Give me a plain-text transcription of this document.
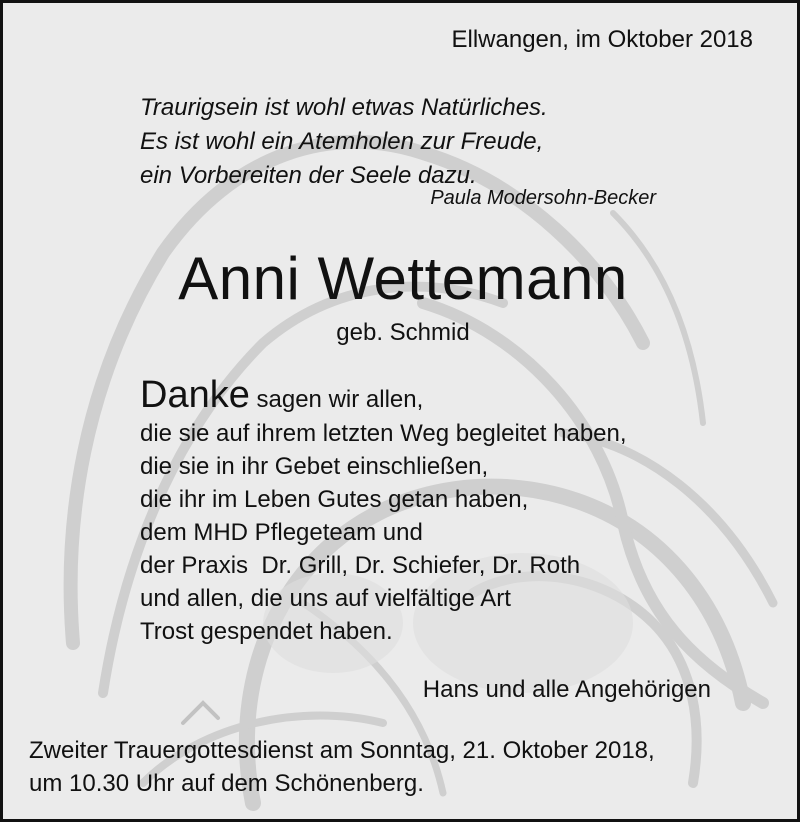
Ellwangen, im Oktober 2018
Traurigsein ist wohl etwas Natürliches.
Es ist wohl ein Atemholen zur Freude,
ein Vorbereiten der Seele dazu.
Paula Modersohn-Becker
Anni Wettemann
geb. Schmid
Danke sagen wir allen,
die sie auf ihrem letzten Weg begleitet haben,
die sie in ihr Gebet einschließen,
die ihr im Leben Gutes getan haben,
dem MHD Pflegeteam und
der Praxis  Dr. Grill, Dr. Schiefer, Dr. Roth
und allen, die uns auf vielfältige Art
Trost gespendet haben.
Hans und alle Angehörigen
Zweiter Trauergottesdienst am Sonntag, 21. Oktober 2018,
um 10.30 Uhr auf dem Schönenberg.
